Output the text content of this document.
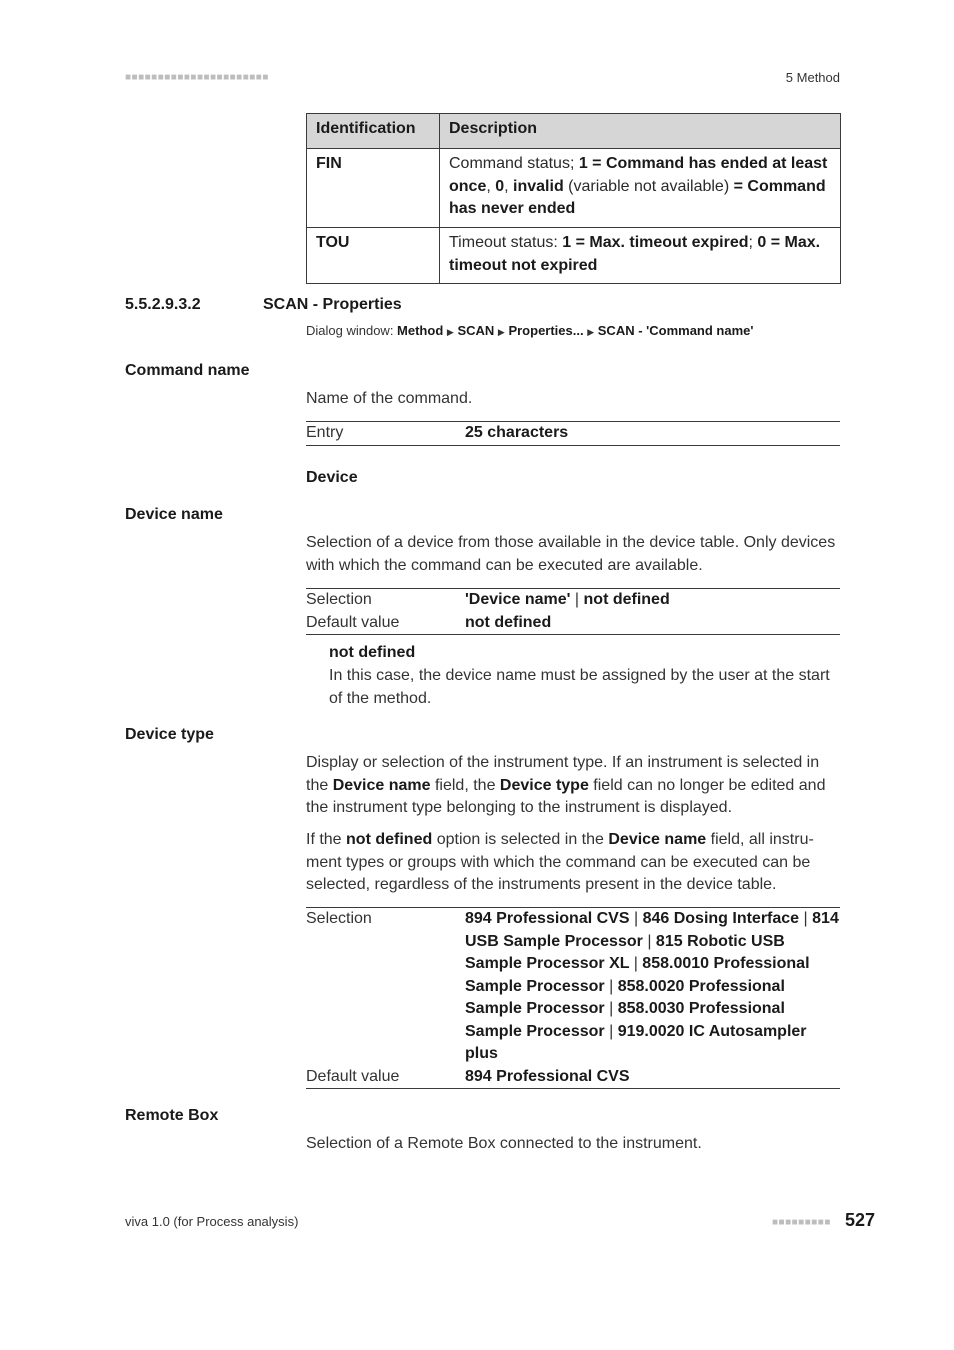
■■■■■■■■■■■■■■■■■■■■■■	5 Method
Identification	Description
FIN	Command status; 1 = Command has ended at least once, 0, invalid (variable not available) = Command has never ended
TOU	Timeout status: 1 = Max. timeout expired; 0 = Max. timeout not expired
5.5.2.9.3.2	SCAN - Properties
Dialog window: Method ▶ SCAN ▶ Properties... ▶ SCAN - 'Command name'
Command name
Name of the command.
Entry	25 characters
Device
Device name
Selection of a device from those available in the device table. Only devices with which the command can be executed are available.
Selection	'Device name' | not defined
Default value	not defined
not defined
In this case, the device name must be assigned by the user at the start of the method.
Device type
Display or selection of the instrument type. If an instrument is selected in the Device name field, the Device type field can no longer be edited and the instrument type belonging to the instrument is displayed.
If the not defined option is selected in the Device name field, all instrument types or groups with which the command can be executed can be selected, regardless of the instruments present in the device table.
Selection	894 Professional CVS | 846 Dosing Interface | 814 USB Sample Processor | 815 Robotic USB Sample Processor XL | 858.0010 Professional Sample Processor | 858.0020 Professional Sample Processor | 858.0030 Professional Sample Processor | 919.0020 IC Autosampler plus
Default value	894 Professional CVS
Remote Box
Selection of a Remote Box connected to the instrument.
viva 1.0 (for Process analysis)	■■■■■■■■■ 527
